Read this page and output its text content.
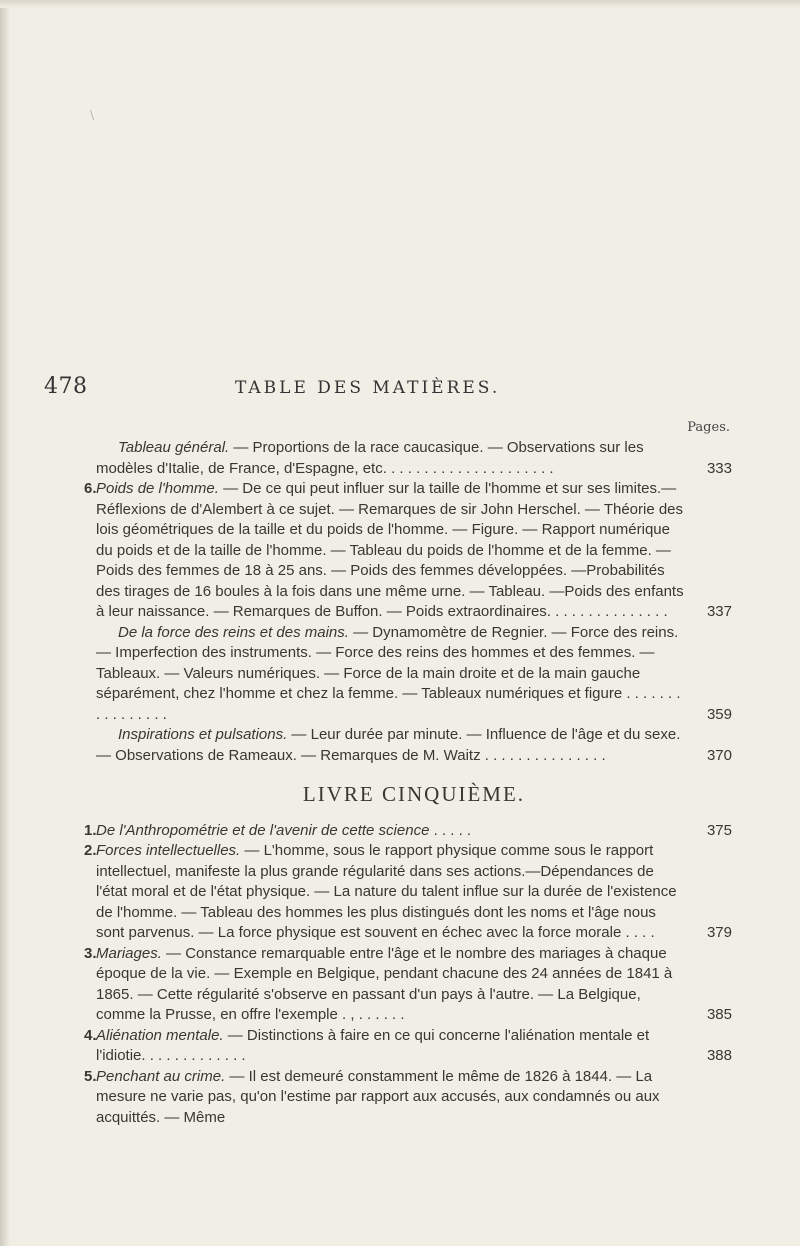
\
478	TABLE DES MATIÈRES.
Pages.

Tableau général. — Proportions de la race caucasique. — Observations sur les modèles d'Italie, de France, d'Espagne, etc. . . . . . . . . . . . . . . . . . . . .	333

6. Poids de l'homme. — De ce qui peut influer sur la taille de l'homme et sur ses limites.— Réflexions de d'Alembert à ce sujet. — Remarques de sir John Herschel. — Théorie des lois géométriques de la taille et du poids de l'homme. — Figure. — Rapport numérique du poids et de la taille de l'homme. — Tableau du poids de l'homme et de la femme. — Poids des femmes de 18 à 25 ans. — Poids des femmes développées. —Probabilités des tirages de 16 boules à la fois dans une même urne. — Tableau. —Poids des enfants à leur naissance. — Remarques de Buffon. — Poids extraordinaires. . . . . . . . . . . . . . .	337

De la force des reins et des mains. — Dynamomètre de Regnier. — Force des reins. — Imperfection des instruments. — Force des reins des hommes et des femmes. — Tableaux. — Valeurs numériques. — Force de la main droite et de la main gauche séparément, chez l'homme et chez la femme. — Tableaux numériques et figure . . . . . . . . . . . . . . . .	359

Inspirations et pulsations. — Leur durée par minute. — Influence de l'âge et du sexe. — Observations de Rameaux. — Remarques de M. Waitz . . . . . . . . . . . . . . .	370

LIVRE CINQUIÈME.

1. De l'Anthropométrie et de l'avenir de cette science . . . . .	375

2. Forces intellectuelles. — L'homme, sous le rapport physique comme sous le rapport intellectuel, manifeste la plus grande régularité dans ses actions.—Dépendances de l'état moral et de l'état physique. — La nature du talent influe sur la durée de l'existence de l'homme. — Tableau des hommes les plus distingués dont les noms et l'âge nous sont parvenus. — La force physique est souvent en échec avec la force morale . . . .	379

3. Mariages. — Constance remarquable entre l'âge et le nombre des mariages à chaque époque de la vie. — Exemple en Belgique, pendant chacune des 24 années de 1841 à 1865. — Cette régularité s'observe en passant d'un pays à l'autre. — La Belgique, comme la Prusse, en offre l'exemple . , . . . . . .	385

4. Aliénation mentale. — Distinctions à faire en ce qui concerne l'aliénation mentale et l'idiotie. . . . . . . . . . . . .	388

5. Penchant au crime. — Il est demeuré constamment le même de 1826 à 1844. — La mesure ne varie pas, qu'on l'estime par rapport aux accusés, aux condamnés ou aux acquittés. — Même
